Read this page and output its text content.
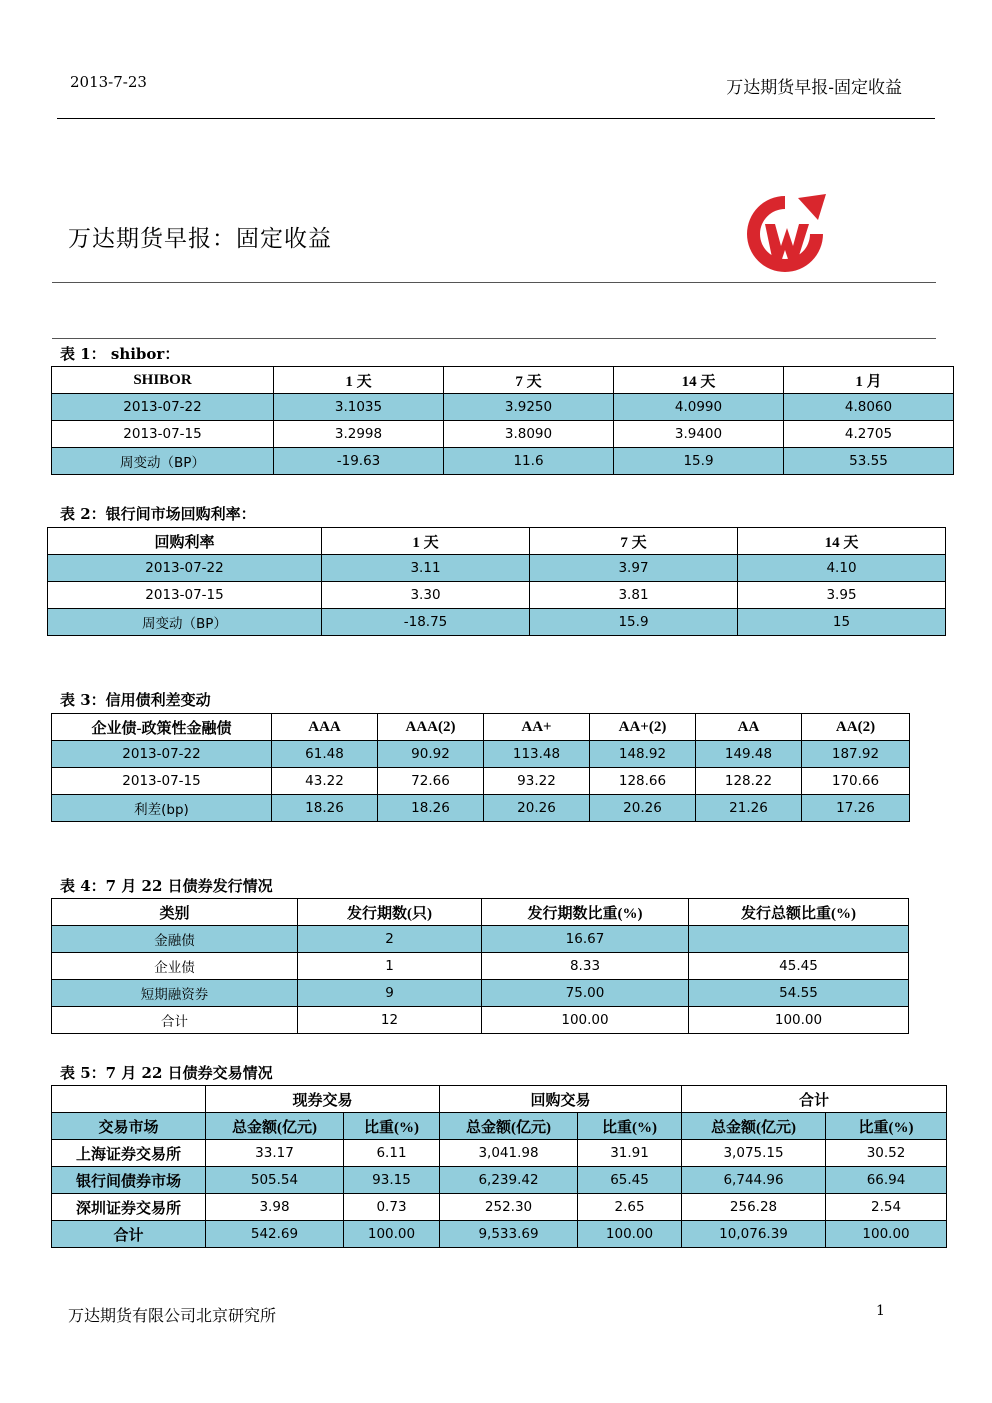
2013-7-23	万达期货早报-固定收益
万达期货早报：固定收益
表 1： shibor：
SHIBOR	1 天	7 天	14 天	1 月
2013-07-22	3.1035	3.9250	4.0990	4.8060
2013-07-15	3.2998	3.8090	3.9400	4.2705
周变动（BP）	-19.63	11.6	15.9	53.55
表 2：银行间市场回购利率：
回购利率	1 天	7 天	14 天
2013-07-22	3.11	3.97	4.10
2013-07-15	3.30	3.81	3.95
周变动（BP）	-18.75	15.9	15
表 3：信用债利差变动
企业债-政策性金融债	AAA	AAA(2)	AA+	AA+(2)	AA	AA(2)
2013-07-22	61.48	90.92	113.48	148.92	149.48	187.92
2013-07-15	43.22	72.66	93.22	128.66	128.22	170.66
利差(bp)	18.26	18.26	20.26	20.26	21.26	17.26
表 4：7 月 22 日债券发行情况
类别	发行期数(只)	发行期数比重(%)	发行总额比重(%)
金融债	2	16.67	
企业债	1	8.33	45.45
短期融资券	9	75.00	54.55
合计	12	100.00	100.00
表 5：7 月 22 日债券交易情况
	现券交易		回购交易		合计	
交易市场	总金额(亿元)	比重(%)	总金额(亿元)	比重(%)	总金额(亿元)	比重(%)
上海证券交易所	33.17	6.11	3,041.98	31.91	3,075.15	30.52
银行间债券市场	505.54	93.15	6,239.42	65.45	6,744.96	66.94
深圳证券交易所	3.98	0.73	252.30	2.65	256.28	2.54
合计	542.69	100.00	9,533.69	100.00	10,076.39	100.00
万达期货有限公司北京研究所	1
